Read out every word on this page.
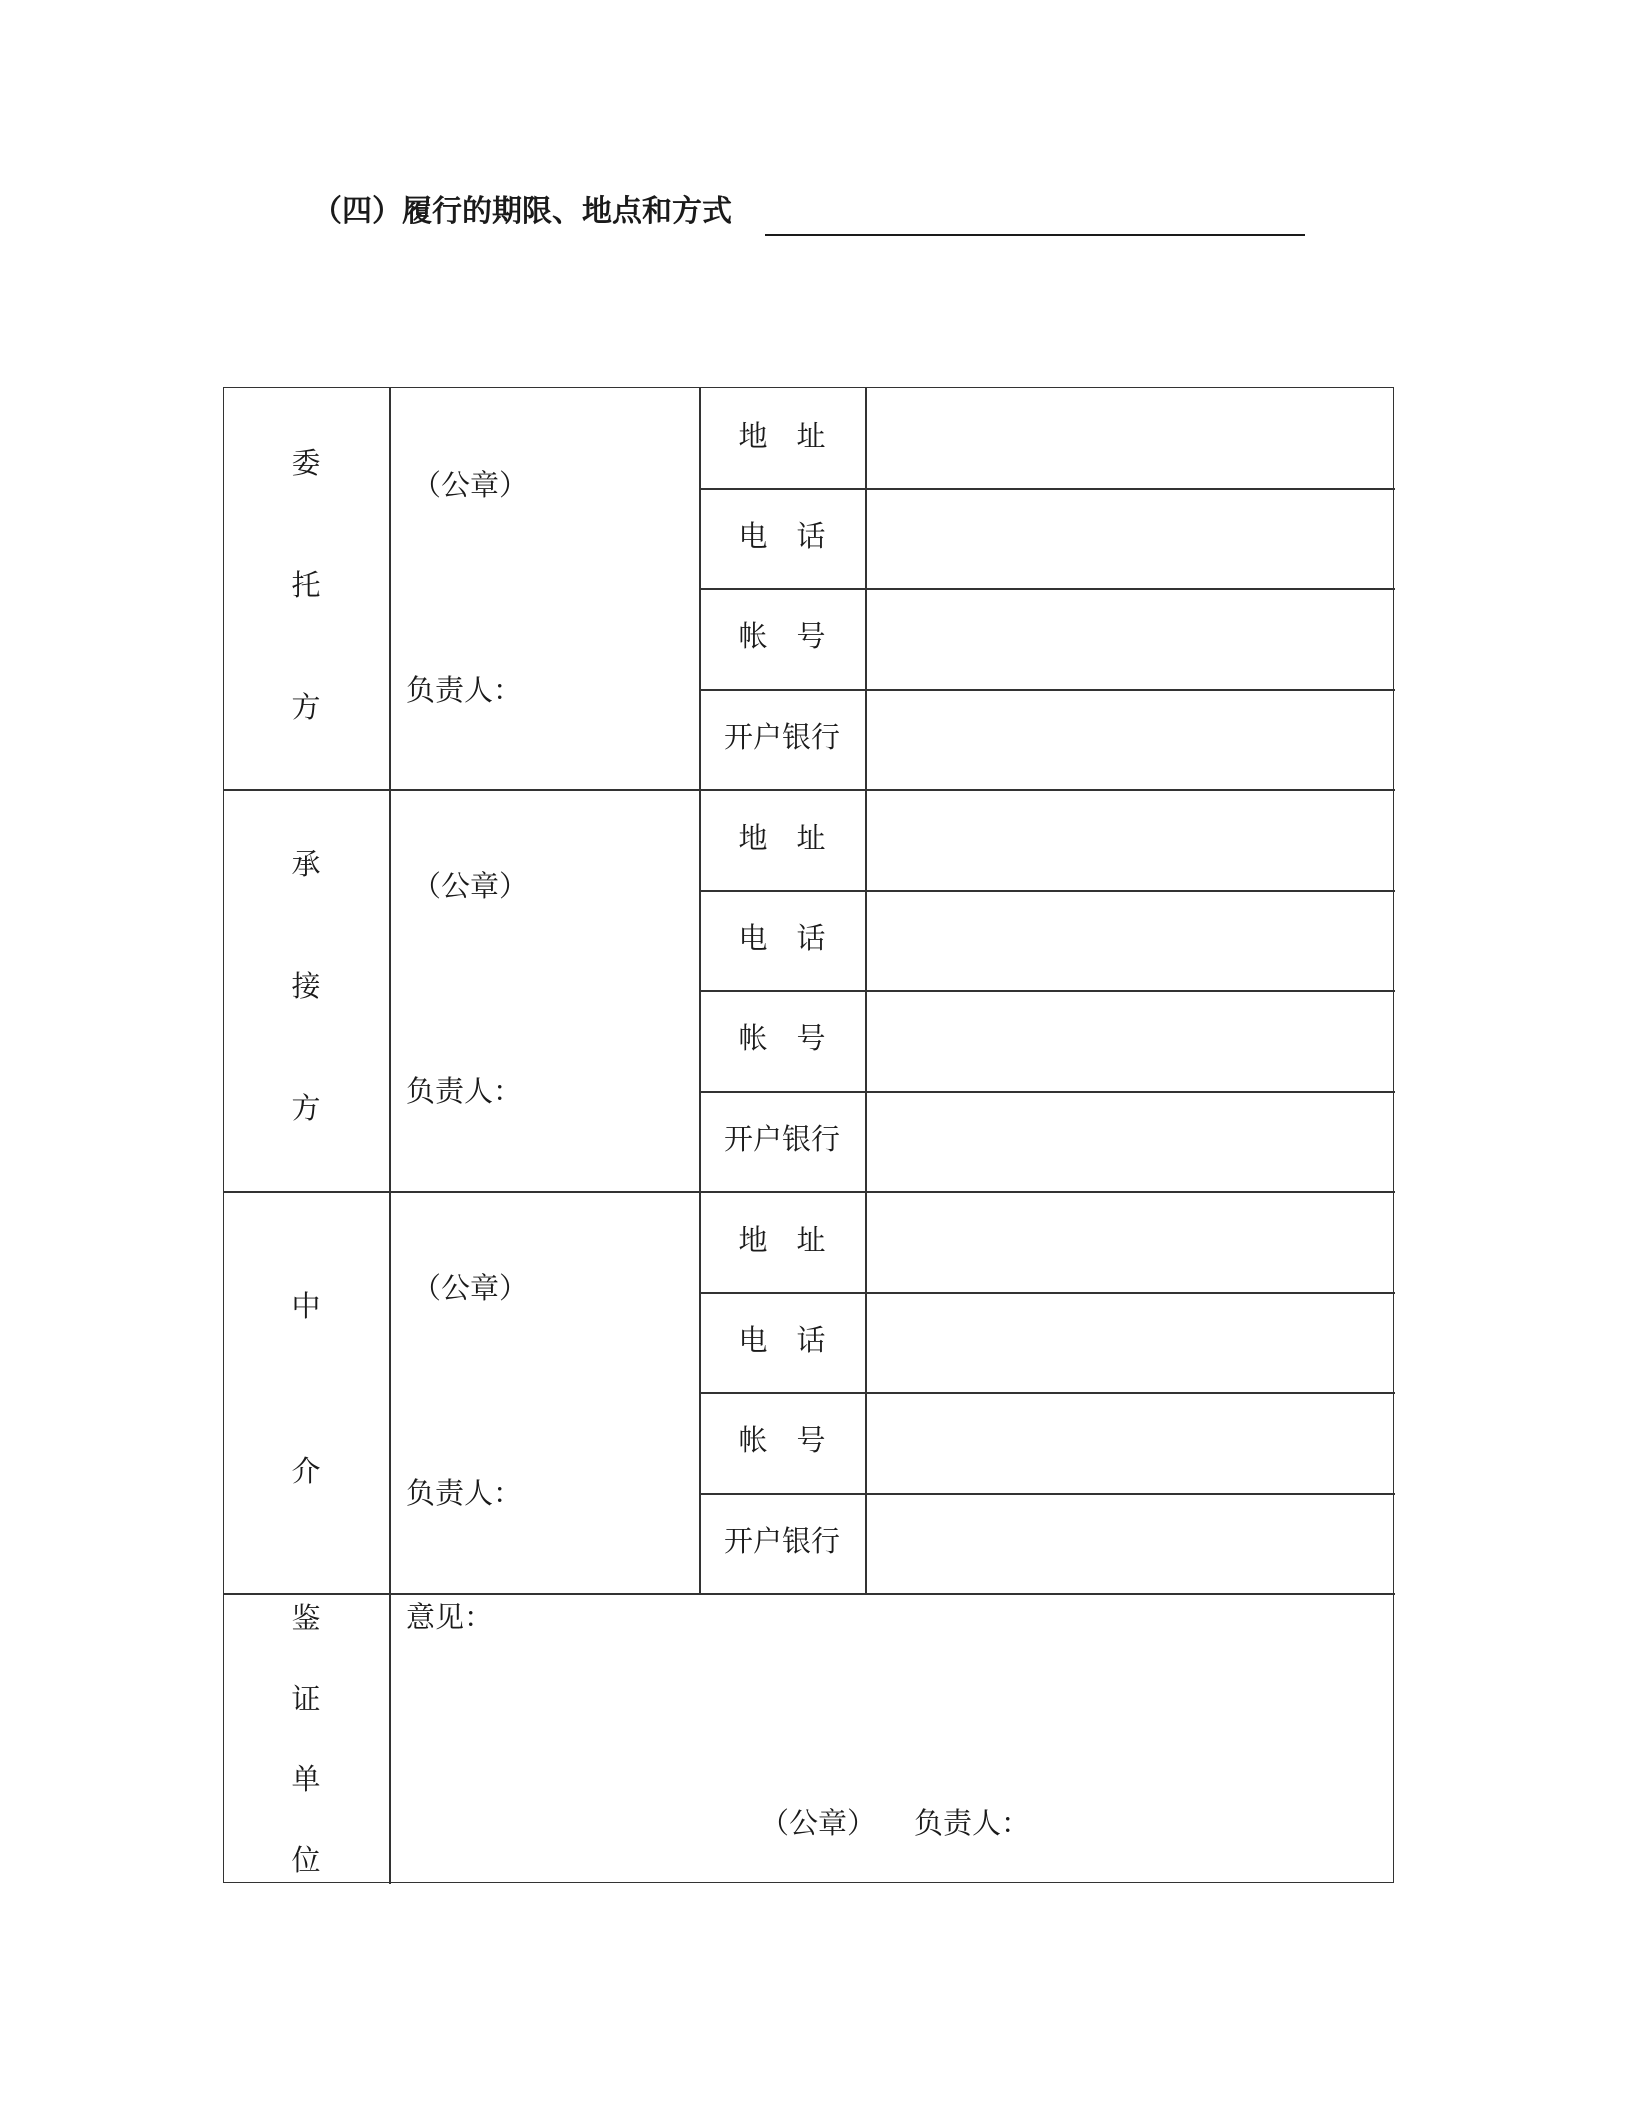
（四）履行的期限、地点和方式
委
托
方
（公章）
负责人：
地　址
电　话
帐　号
开户银行
承
接
方
（公章）
负责人：
地　址
电　话
帐　号
开户银行
中
介
（公章）
负责人：
地　址
电　话
帐　号
开户银行
鉴
证
单
位
意见：
（公章） 负责人：
